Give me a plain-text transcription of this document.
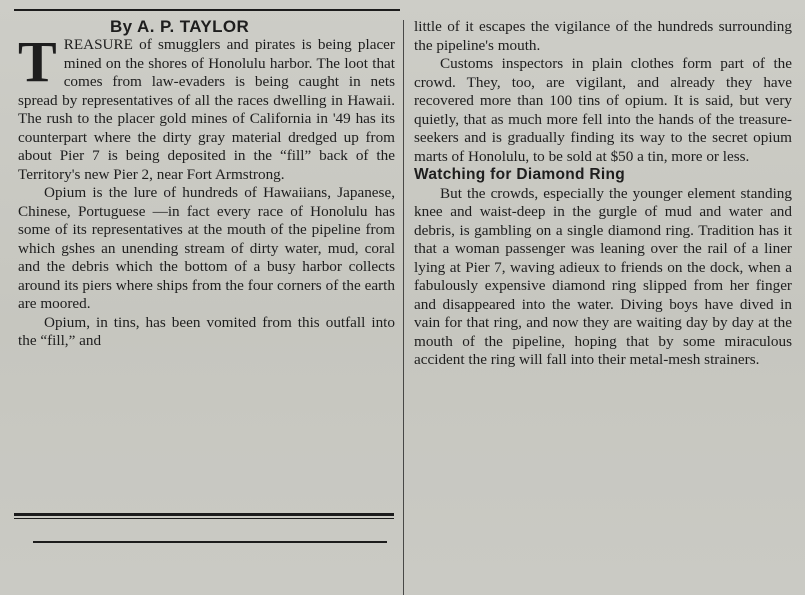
By A. P. TAYLOR

TREASURE of smugglers and pirates is being placer mined on the shores of Honolulu harbor. The loot that comes from law-evaders is being caught in nets spread by representatives of all the races dwelling in Hawaii. The rush to the placer gold mines of California in '49 has its counterpart where the dirty gray material dredged up from about Pier 7 is being deposited in the “fill” back of the Territory's new Pier 2, near Fort Armstrong.

Opium is the lure of hundreds of Hawaiians, Japanese, Chinese, Portuguese —in fact every race of Honolulu has some of its representatives at the mouth of the pipeline from which gshes an unending stream of dirty water, mud, coral and the debris which the bottom of a busy harbor collects around its piers where ships from the four corners of the earth are moored.

Opium, in tins, has been vomited from this outfall into the “fill,” and

little of it escapes the vigilance of the hundreds surrounding the pipeline's mouth.

Customs inspectors in plain clothes form part of the crowd. They, too, are vigilant, and already they have recovered more than 100 tins of opium. It is said, but very quietly, that as much more fell into the hands of the treasure-seekers and is gradually finding its way to the secret opium marts of Honolulu, to be sold at $50 a tin, more or less.

Watching for Diamond Ring

But the crowds, especially the younger element standing knee and waist-deep in the gurgle of mud and water and debris, is gambling on a single diamond ring. Tradition has it that a woman passenger was leaning over the rail of a liner lying at Pier 7, waving adieux to friends on the dock, when a fabulously expensive diamond ring slipped from her finger and disappeared into the water. Diving boys have dived in vain for that ring, and now they are waiting day by day at the mouth of the pipeline, hoping that by some miraculous accident the ring will fall into their metal-mesh strainers.
